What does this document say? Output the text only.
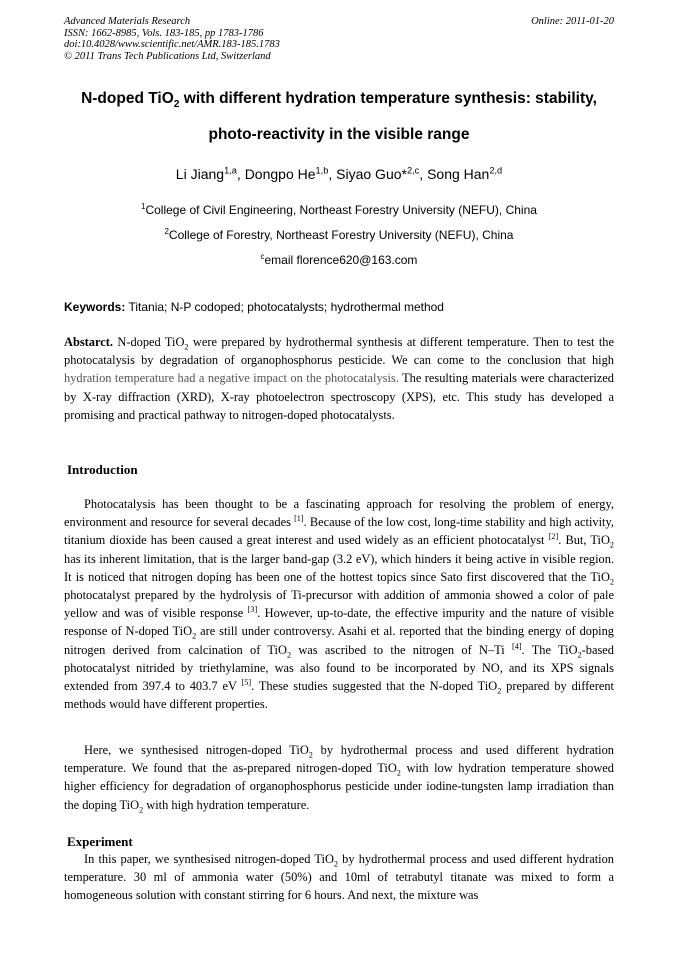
Advanced Materials Research
ISSN: 1662-8985, Vols. 183-185, pp 1783-1786
doi:10.4028/www.scientific.net/AMR.183-185.1783
© 2011 Trans Tech Publications Ltd, Switzerland
Online: 2011-01-20
N-doped TiO$_2$ with different hydration temperature synthesis: stability,
photo-reactivity in the visible range
Li Jiang$^{1,a}$, Dongpo He$^{1,b}$, Siyao Guo*$^{2,c}$, Song Han$^{2,d}$
$^1$College of Civil Engineering, Northeast Forestry University (NEFU), China
$^2$College of Forestry, Northeast Forestry University (NEFU), China
$^c$email florence620@163.com
Keywords: Titania; N-P codoped; photocatalysts; hydrothermal method
Abstarct. N-doped TiO$_2$ were prepared by hydrothermal synthesis at different temperature. Then to test the photocatalysis by degradation of organophosphorus pesticide. We can come to the conclusion that high hydration temperature had a negative impact on the photocatalysis. The resulting materials were characterized by X-ray diffraction (XRD), X-ray photoelectron spectroscopy (XPS), etc. This study has developed a promising and practical pathway to nitrogen-doped photocatalysts.
Introduction
Photocatalysis has been thought to be a fascinating approach for resolving the problem of energy, environment and resource for several decades [1]. Because of the low cost, long-time stability and high activity, titanium dioxide has been caused a great interest and used widely as an efficient photocatalyst [2]. But, TiO$_2$ has its inherent limitation, that is the larger band-gap (3.2 eV), which hinders it being active in visible region. It is noticed that nitrogen doping has been one of the hottest topics since Sato first discovered that the TiO$_2$ photocatalyst prepared by the hydrolysis of Ti-precursor with addition of ammonia showed a color of pale yellow and was of visible response [3]. However, up-to-date, the effective impurity and the nature of visible response of N-doped TiO$_2$ are still under controversy. Asahi et al. reported that the binding energy of doping nitrogen derived from calcination of TiO$_2$ was ascribed to the nitrogen of N–Ti [4]. The TiO$_2$-based photocatalyst nitrided by triethylamine, was also found to be incorporated by NO, and its XPS signals extended from 397.4 to 403.7 eV [5]. These studies suggested that the N-doped TiO$_2$ prepared by different methods would have different properties.
Here, we synthesised nitrogen-doped TiO$_2$ by hydrothermal process and used different hydration temperature. We found that the as-prepared nitrogen-doped TiO$_2$ with low hydration temperature showed higher efficiency for degradation of organophosphorus pesticide under iodine-tungsten lamp irradiation than the doping TiO$_2$ with high hydration temperature.
Experiment
In this paper, we synthesised nitrogen-doped TiO$_2$ by hydrothermal process and used different hydration temperature. 30 ml of ammonia water (50%) and 10ml of tetrabutyl titanate was mixed to form a homogeneous solution with constant stirring for 6 hours. And next, the mixture was
